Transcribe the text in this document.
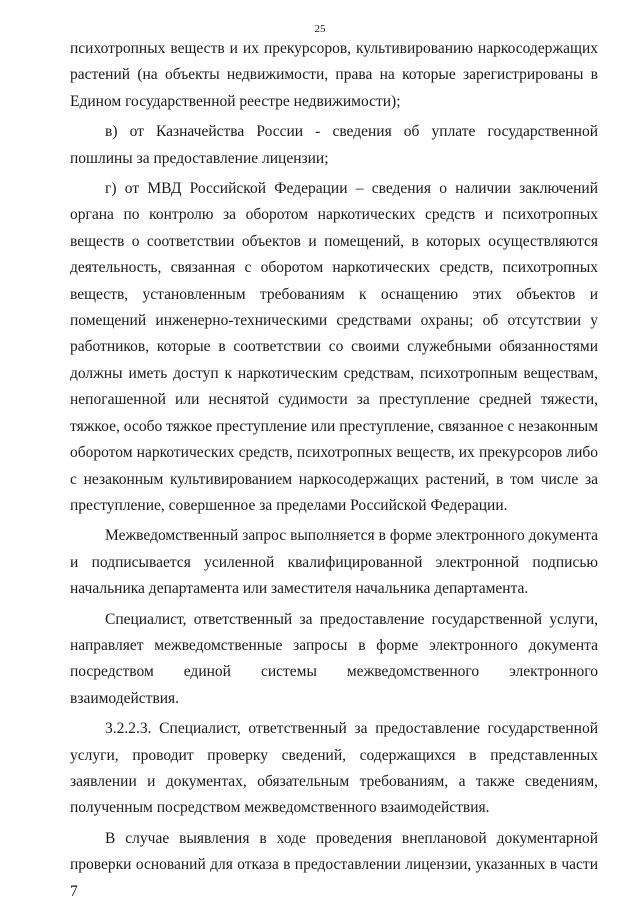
25

психотропных веществ и их прекурсоров, культивированию наркосодержащих растений (на объекты недвижимости, права на которые зарегистрированы в Едином государственной реестре недвижимости);

в) от Казначейства России - сведения об уплате государственной пошлины за предоставление лицензии;

г) от МВД Российской Федерации – сведения о наличии заключений органа по контролю за оборотом наркотических средств и психотропных веществ о соответствии объектов и помещений, в которых осуществляются деятельность, связанная с оборотом наркотических средств, психотропных веществ, установленным требованиям к оснащению этих объектов и помещений инженерно-техническими средствами охраны; об отсутствии у работников, которые в соответствии со своими служебными обязанностями должны иметь доступ к наркотическим средствам, психотропным веществам, непогашенной или неснятой судимости за преступление средней тяжести, тяжкое, особо тяжкое преступление или преступление, связанное с незаконным оборотом наркотических средств, психотропных веществ, их прекурсоров либо с незаконным культивированием наркосодержащих растений, в том числе за преступление, совершенное за пределами Российской Федерации.

Межведомственный запрос выполняется в форме электронного документа и подписывается усиленной квалифицированной электронной подписью начальника департамента или заместителя начальника департамента.

Специалист, ответственный за предоставление государственной услуги, направляет межведомственные запросы в форме электронного документа посредством единой системы межведомственного электронного взаимодействия.

3.2.2.3. Специалист, ответственный за предоставление государственной услуги, проводит проверку сведений, содержащихся в представленных заявлении и документах, обязательным требованиям, а также сведениям, полученным посредством межведомственного взаимодействия.

В случае выявления в ходе проведения внеплановой документарной проверки оснований для отказа в предоставлении лицензии, указанных в части 7
